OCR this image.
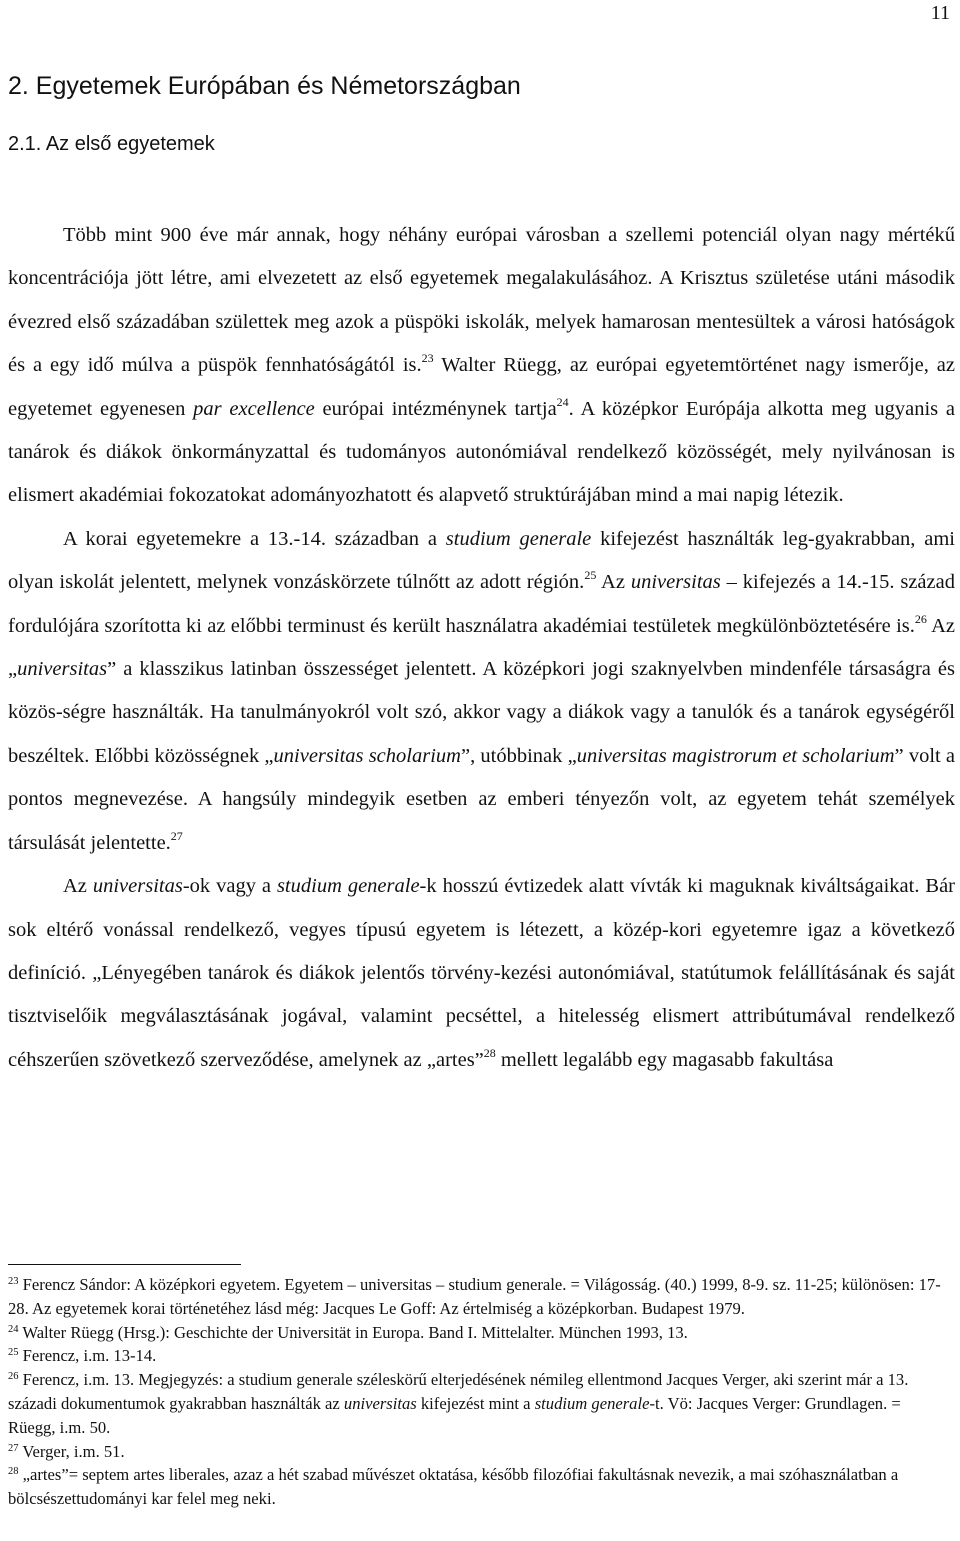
11
2. Egyetemek Európában és Németországban
2.1. Az első egyetemek

Több mint 900 éve már annak, hogy néhány európai városban a szellemi potenciál olyan nagy mértékű koncentrációja jött létre, ami elvezetett az első egyetemek megalakulásához. A Krisztus születése utáni második évezred első századában születtek meg azok a püspöki iskolák, melyek hamarosan mentesültek a városi hatóságok és a egy idő múlva a püspök fennhatóságától is.$^{23}$ Walter Rüegg, az európai egyetemtörténet nagy ismerője, az egyetemet egyenesen par excellence európai intézménynek tartja$^{24}$. A középkor Európája alkotta meg ugyanis a tanárok és diákok önkormányzattal és tudományos autonómiával rendelkező közösségét, mely nyilvánosan is elismert akadémiai fokozatokat adományozhatott és alapvető struktúrájában mind a mai napig létezik.

A korai egyetemekre a 13.-14. században a studium generale kifejezést használták leg-gyakrabban, ami olyan iskolát jelentett, melynek vonzáskörzete túlnőtt az adott régión.$^{25}$ Az universitas – kifejezés a 14.-15. század fordulójára szorította ki az előbbi terminust és került használatra akadémiai testületek megkülönböztetésére is.$^{26}$ Az „universitas” a klasszikus latinban összességet jelentett. A középkori jogi szaknyelvben mindenféle társaságra és közös-ségre használták. Ha tanulmányokról volt szó, akkor vagy a diákok vagy a tanulók és a tanárok egységéről beszéltek. Előbbi közösségnek „universitas scholarium”, utóbbinak „universitas magistrorum et scholarium” volt a pontos megnevezése. A hangsúly mindegyik esetben az emberi tényezőn volt, az egyetem tehát személyek társulását jelentette.$^{27}$

Az universitas-ok vagy a studium generale-k hosszú évtizedek alatt vívták ki maguknak kiváltságaikat. Bár sok eltérő vonással rendelkező, vegyes típusú egyetem is létezett, a közép-kori egyetemre igaz a következő definíció. „Lényegében tanárok és diákok jelentős törvény-kezési autonómiával, statútumok felállításának és saját tisztviselőik megválasztásának jogával, valamint pecséttel, a hitelesség elismert attribútumával rendelkező céhszerűen szövetkező szerveződése, amelynek az „artes”$^{28}$ mellett legalább egy magasabb fakultása

$^{23}$ Ferencz Sándor: A középkori egyetem. Egyetem – universitas – studium generale. = Világosság. (40.) 1999, 8-9. sz. 11-25; különösen: 17-28. Az egyetemek korai történetéhez lásd még: Jacques Le Goff: Az értelmiség a középkorban. Budapest 1979.

$^{24}$ Walter Rüegg (Hrsg.): Geschichte der Universität in Europa. Band I. Mittelalter. München 1993, 13.

$^{25}$ Ferencz, i.m. 13-14.

$^{26}$ Ferencz, i.m. 13. Megjegyzés: a studium generale széleskörű elterjedésének némileg ellentmond Jacques Verger, aki szerint már a 13. századi dokumentumok gyakrabban használták az universitas kifejezést mint a studium generale-t. Vö: Jacques Verger: Grundlagen. = Rüegg, i.m. 50.

$^{27}$ Verger, i.m. 51.

$^{28}$ „artes”= septem artes liberales, azaz a hét szabad művészet oktatása, később filozófiai fakultásnak nevezik, a mai szóhasználatban a bölcsészettudományi kar felel meg neki.
